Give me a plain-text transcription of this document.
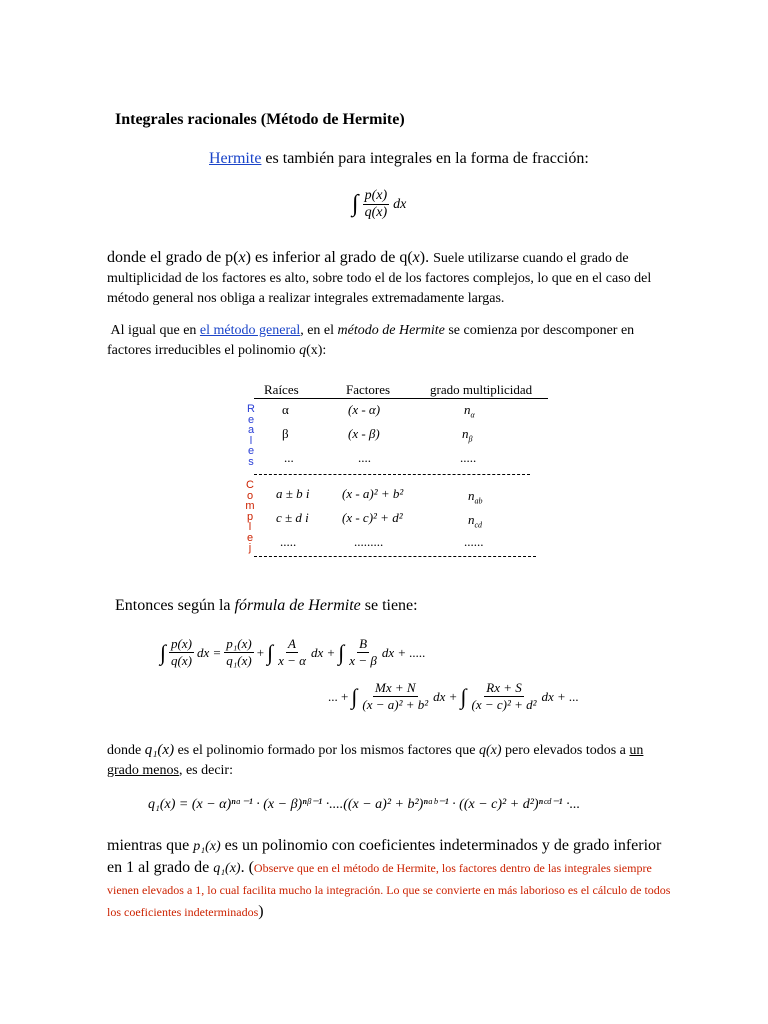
Integrales racionales (Método de Hermite)
Hermite es también para integrales en la forma de fracción:
∫ $\frac{p(x)}{q(x)}$ dx
donde el grado de p(x) es inferior al grado de q(x). Suele utilizarse cuando el grado de multiplicidad de los factores es alto, sobre todo el de los factores complejos, lo que en el caso del método general nos obliga a realizar integrales extremadamente largas.
Al igual que en el método general, en el método de Hermite se comienza por descomponer en factores irreducibles el polinomio q(x):
Raíces	Factores	grado multiplicidad
R
e
a
l
e
s
C
o
m
p
l
e
j
α	(x - α)	$n_\alpha$
β	(x - β)	$n_\beta$
...	....	.....
a ± b i	(x - a)² + b²	$n_{ab}$
c ± d i	(x - c)² + d²	$n_{cd}$
.....	.........	......
Entonces según la fórmula de Hermite se tiene:
∫ $\frac{p(x)}{q(x)}$ dx = $\frac{\text{p₁(x)}}{\text{q₁(x)}}$ + ∫ $\frac{A}{x - \alpha}$ dx + ∫ $\frac{B}{x - \beta}$ dx + .....
... + ∫ $\frac{Mx + N}{\text{(x − a)² + b²}}$ dx + ∫ $\frac{Rx + S}{\text{(x − c)² + d²}}$ dx + ...
donde q₁(x) es el polinomio formado por los mismos factores que q(x) pero elevados todos a un grado menos, es decir:
q₁(x) = (x − α)ⁿᵅ⁻¹ · (x − β)ⁿᵝ⁻¹ ·....((x − a)² + b²)ⁿᵃᵇ⁻¹ · ((x − c)² + d²)ⁿᶜᵈ⁻¹ ·...
mientras que p₁(x) es un polinomio con coeficientes indeterminados y de grado inferior en 1 al grado de q₁(x). (Observe que en el método de Hermite, los factores dentro de las integrales siempre vienen elevados a 1, lo cual facilita mucho la integración. Lo que se convierte en más laborioso es el cálculo de todos los coeficientes indeterminados)
